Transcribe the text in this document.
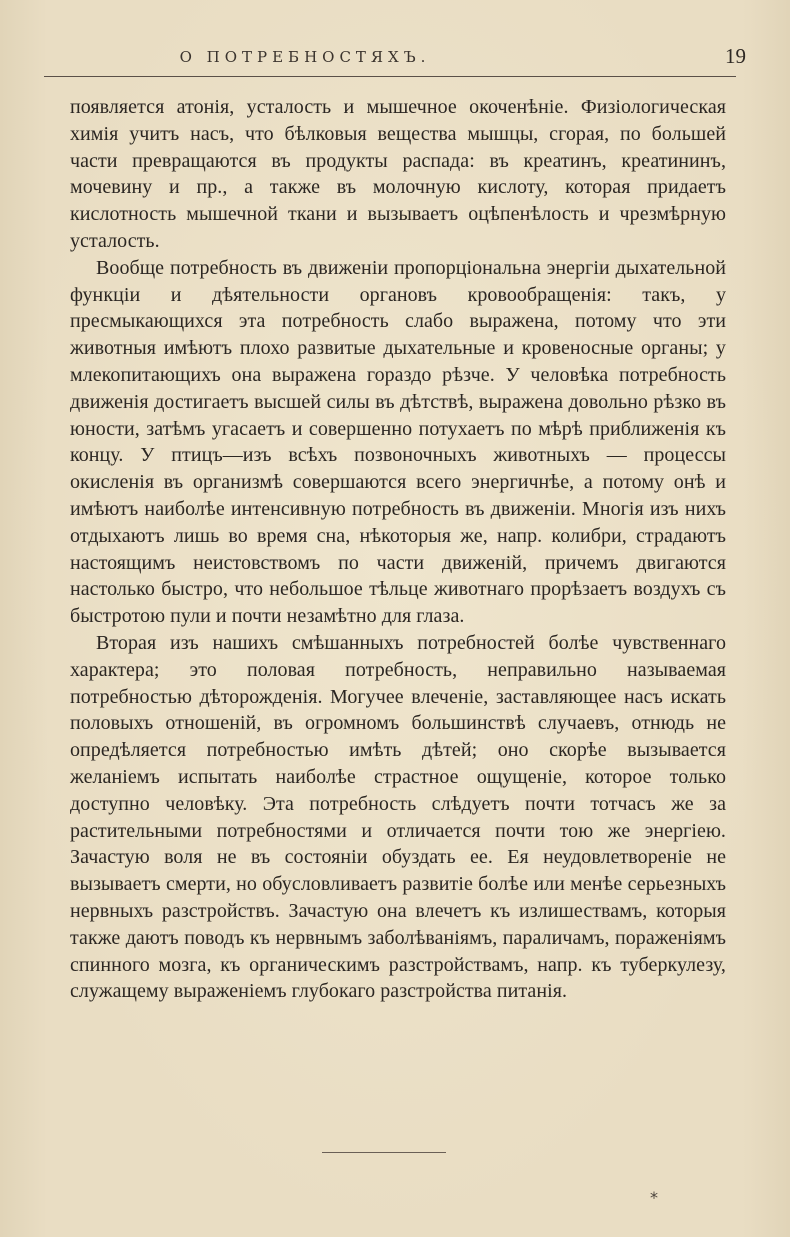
О ПОТРЕБНОСТЯХЪ.	19

появляется атонія, усталость и мышечное окоченѣніе. Физіологическая химія учитъ насъ, что бѣлковыя вещества мышцы, сгорая, по большей части превращаются въ продукты распада: въ креатинъ, креатининъ, мочевину и пр., а также въ молочную кислоту, которая придаетъ кислотность мышечной ткани и вызываетъ оцѣпенѣлость и чрезмѣрную усталость.

Вообще потребность въ движеніи пропорціональна энергіи дыхательной функціи и дѣятельности органовъ кровообращенія: такъ, у пресмыкающихся эта потребность слабо выражена, потому что эти животныя имѣютъ плохо развитые дыхательные и кровеносные органы; у млекопитающихъ она выражена гораздо рѣзче. У человѣка потребность движенія достигаетъ высшей силы въ дѣтствѣ, выражена довольно рѣзко въ юности, затѣмъ угасаетъ и совершенно потухаетъ по мѣрѣ приближенія къ концу. У птицъ—изъ всѣхъ позвоночныхъ животныхъ — процессы окисленія въ организмѣ совершаются всего энергичнѣе, а потому онѣ и имѣютъ наиболѣе интенсивную потребность въ движеніи. Многія изъ нихъ отдыхаютъ лишь во время сна, нѣкоторыя же, напр. колибри, страдаютъ настоящимъ неистовствомъ по части движеній, причемъ двигаются настолько быстро, что небольшое тѣльце животнаго прорѣзаетъ воздухъ съ быстротою пули и почти незамѣтно для глаза.

Вторая изъ нашихъ смѣшанныхъ потребностей болѣе чувственнаго характера; это половая потребность, неправильно называемая потребностью дѣторожденія. Могучее влеченіе, заставляющее насъ искать половыхъ отношеній, въ огромномъ большинствѣ случаевъ, отнюдь не опредѣляется потребностью имѣть дѣтей; оно скорѣе вызывается желаніемъ испытать наиболѣе страстное ощущеніе, которое только доступно человѣку. Эта потребность слѣдуетъ почти тотчасъ же за растительными потребностями и отличается почти тою же энергіею. Зачастую воля не въ состояніи обуздать ее. Ея неудовлетвореніе не вызываетъ смерти, но обусловливаетъ развитіе болѣе или менѣе серьезныхъ нервныхъ разстройствъ. Зачастую она влечетъ къ излишествамъ, которыя также даютъ поводъ къ нервнымъ заболѣваніямъ, параличамъ, пораженіямъ спинного мозга, къ органическимъ разстройствамъ, напр. къ туберкулезу, служащему выраженіемъ глубокаго разстройства питанія.

*
